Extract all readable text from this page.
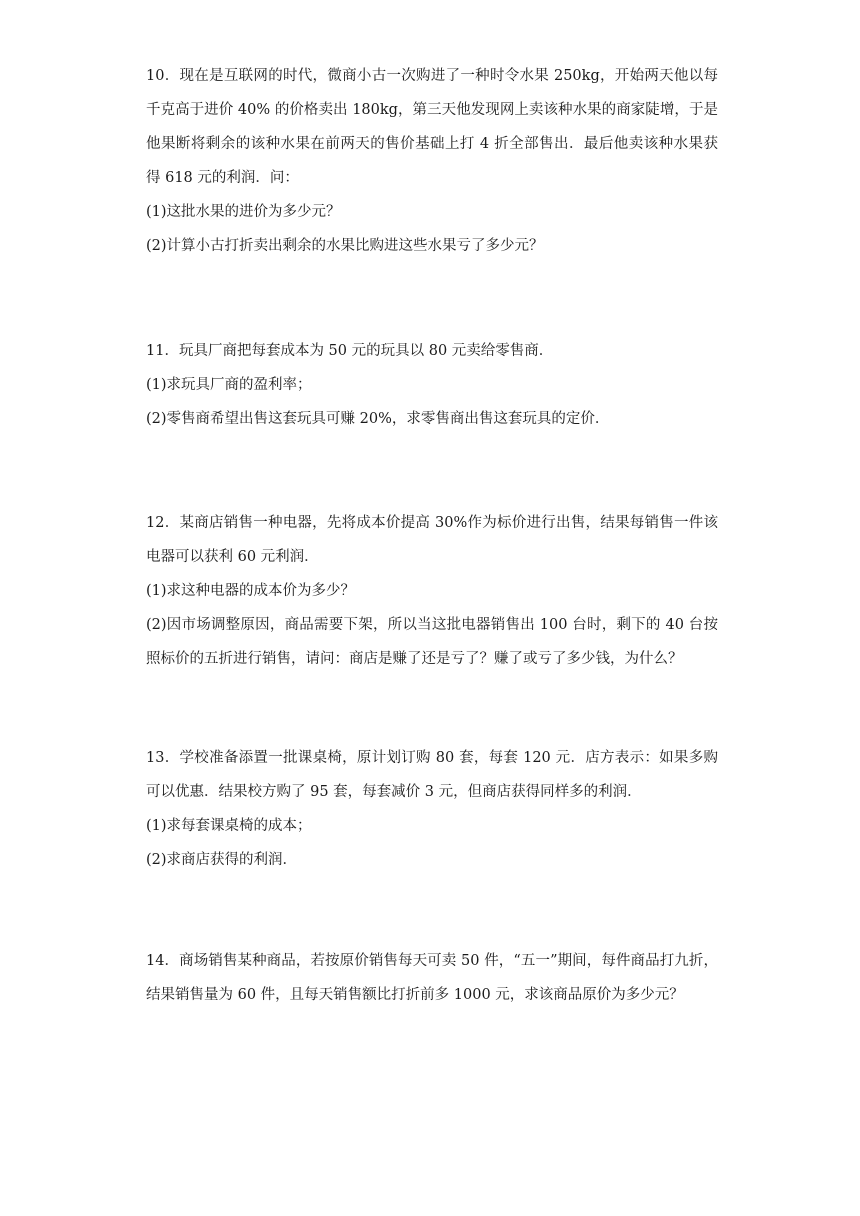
10．现在是互联网的时代，微商小古一次购进了一种时令水果 250kg，开始两天他以每
千克高于进价 40% 的价格卖出 180kg，第三天他发现网上卖该种水果的商家陡增，于是
他果断将剩余的该种水果在前两天的售价基础上打 4 折全部售出．最后他卖该种水果获
得 618 元的利润．问：
(1)这批水果的进价为多少元？
(2)计算小古打折卖出剩余的水果比购进这些水果亏了多少元？
11．玩具厂商把每套成本为 50 元的玩具以 80 元卖给零售商．
(1)求玩具厂商的盈利率；
(2)零售商希望出售这套玩具可赚 20%，求零售商出售这套玩具的定价．
12．某商店销售一种电器，先将成本价提高 30%作为标价进行出售，结果每销售一件该
电器可以获利 60 元利润．
(1)求这种电器的成本价为多少？
(2)因市场调整原因，商品需要下架，所以当这批电器销售出 100 台时，剩下的 40 台按
照标价的五折进行销售，请问：商店是赚了还是亏了？赚了或亏了多少钱，为什么？
13．学校准备添置一批课桌椅，原计划订购 80 套，每套 120 元．店方表示：如果多购
可以优惠．结果校方购了 95 套，每套减价 3 元，但商店获得同样多的利润．
(1)求每套课桌椅的成本；
(2)求商店获得的利润．
14．商场销售某种商品，若按原价销售每天可卖 50 件，“五一”期间，每件商品打九折，
结果销售量为 60 件，且每天销售额比打折前多 1000 元，求该商品原价为多少元？
